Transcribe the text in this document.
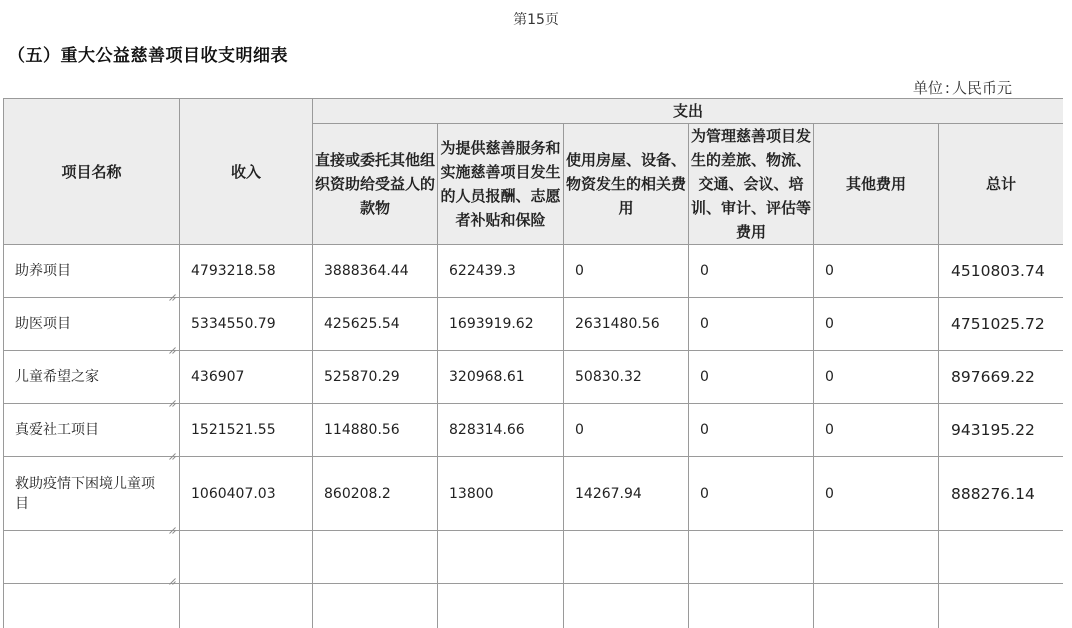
第15页
（五）重大公益慈善项目收支明细表
单位 : 人民币元
项目名称	收入	支出					
		直接或委托其他组织资助给受益人的款物	为提供慈善服务和实施慈善项目发生的人员报酬、志愿者补贴和保险	使用房屋、设备、物资发生的相关费用	为管理慈善项目发生的差旅、物流、交通、会议、培训、审计、评估等费用	其他费用	总计
助养项目	4793218.58	3888364.44	622439.3	0	0	0	4510803.74
助医项目	5334550.79	425625.54	1693919.62	2631480.56	0	0	4751025.72
儿童希望之家	436907	525870.29	320968.61	50830.32	0	0	897669.22
真爱社工项目	1521521.55	114880.56	828314.66	0	0	0	943195.22
救助疫情下困境儿童项目	1060407.03	860208.2	13800	14267.94	0	0	888276.14
